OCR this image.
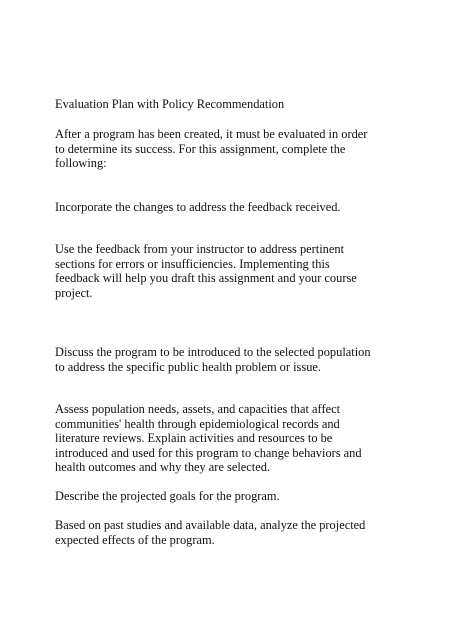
Evaluation Plan with Policy Recommendation

After a program has been created, it must be evaluated in order
to determine its success. For this assignment, complete the
following:

Incorporate the changes to address the feedback received.

Use the feedback from your instructor to address pertinent
sections for errors or insufficiencies. Implementing this
feedback will help you draft this assignment and your course
project.

Discuss the program to be introduced to the selected population
to address the specific public health problem or issue.

Assess population needs, assets, and capacities that affect
communities' health through epidemiological records and
literature reviews. Explain activities and resources to be
introduced and used for this program to change behaviors and
health outcomes and why they are selected.

Describe the projected goals for the program.

Based on past studies and available data, analyze the projected
expected effects of the program.
